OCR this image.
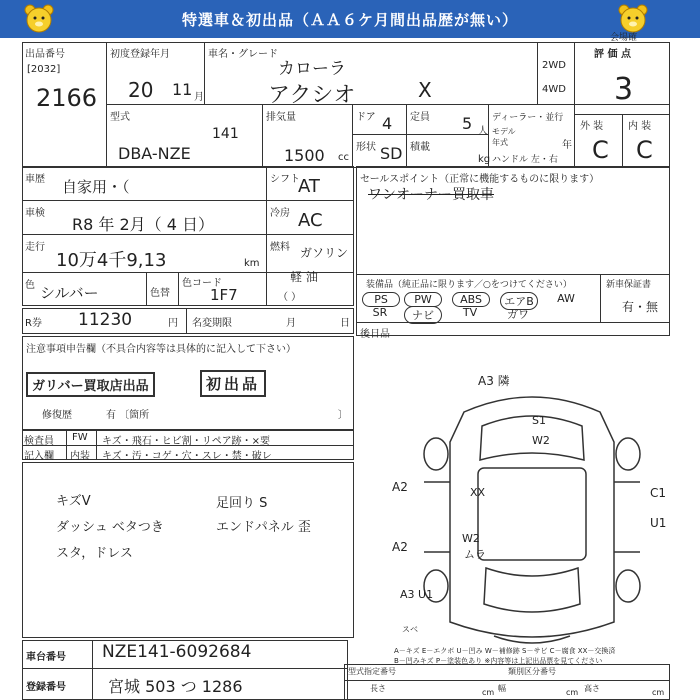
特選車＆初出品（ＡＡ６ケ月間出品歴が無い）
会場確
出品番号
[2032]
2166
初度登録年月
20 11 月
車名・グレード
カローラ
アクシオ	X
2WD
4WD
評 価 点
3
外 装 内 装
C C
型式
DBA-NZE
141
排気量
1500 cc
ドア 4 定員 5 人
形状 SD 積載
kg
ディーラー・並行
モデル年式	年
ハンドル 左・右
車歴 自家用・（	シフト
AT
車検
R8 年 2月（ 4 日）
冷房 AC
走行
10万4千9,13	km
燃料 ガソリン
軽 油
（ ）
色 シルバー	色替
色コード
1F7
R券 11230	円 名変期限	月	日
セールスポイント（正常に機能するものに限ります）
ワンオーナー買取車
装備品（純正品に限ります／○をつけてください）	新車保証書
有・無
PS	PW	ABS	エアB	AW
SR	ナビ	TV	ガワ
後日品
注意事項申告欄（不具合内容等は具体的に記入して下さい）
ガリバー買取店出品	初出品
修復歴	有 〔箇所	〕
検査員
記入欄
FW キズ・飛石・ヒビ割・リペア跡・×要
内装 キズ・汚・コゲ・穴・スレ・禁・破レ
キズV
ダッシュ ベタつき
スタ，ドレス
足回り S
エンドパネル 歪
A3 隣
S1
W2
A2	XX	C1
U1
A2
W2
ムラ
A3 U1
スベ
A－キズ E－エクボ U－凹み W－補修跡 S－サビ C－腐食 XX－交換済
B－凹みキズ P－塗装色あり ※内容等は上記出品票を見てください
車台番号 NZE141-6092684
登録番号	宮城 503 つ 1286
型式指定番号	類別区分番号
長さ	cm 幅	cm 高さ	cm
